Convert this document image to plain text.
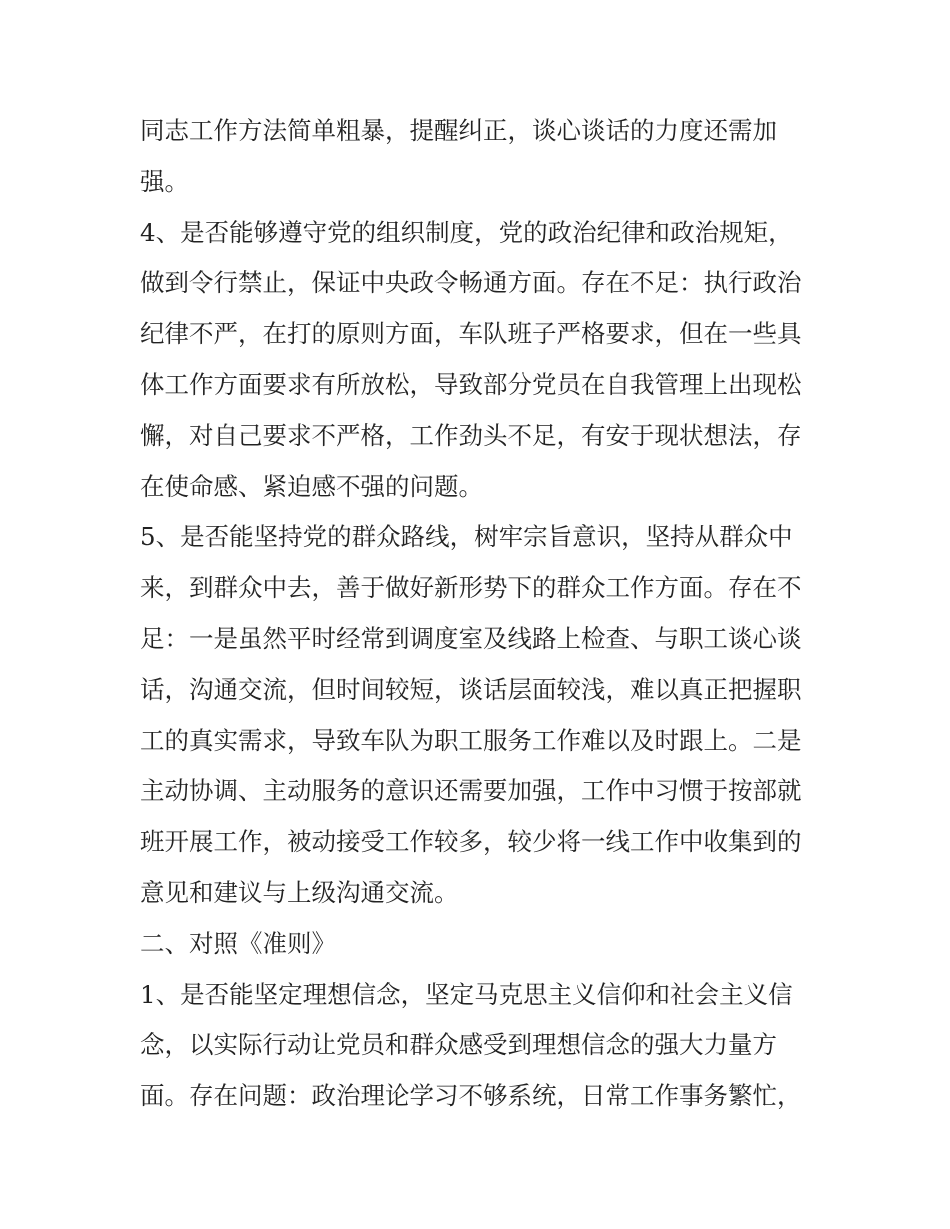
同志工作方法简单粗暴，提醒纠正，谈心谈话的力度还需加
强。
4、是否能够遵守党的组织制度，党的政治纪律和政治规矩，
做到令行禁止，保证中央政令畅通方面。存在不足：执行政治
纪律不严，在打的原则方面，车队班子严格要求，但在一些具
体工作方面要求有所放松，导致部分党员在自我管理上出现松
懈，对自己要求不严格，工作劲头不足，有安于现状想法，存
在使命感、紧迫感不强的问题。
5、是否能坚持党的群众路线，树牢宗旨意识，坚持从群众中
来，到群众中去，善于做好新形势下的群众工作方面。存在不
足：一是虽然平时经常到调度室及线路上检查、与职工谈心谈
话，沟通交流，但时间较短，谈话层面较浅，难以真正把握职
工的真实需求，导致车队为职工服务工作难以及时跟上。二是
主动协调、主动服务的意识还需要加强，工作中习惯于按部就
班开展工作，被动接受工作较多，较少将一线工作中收集到的
意见和建议与上级沟通交流。
二、对照《准则》
1、是否能坚定理想信念，坚定马克思主义信仰和社会主义信
念，以实际行动让党员和群众感受到理想信念的强大力量方
面。存在问题：政治理论学习不够系统，日常工作事务繁忙，
